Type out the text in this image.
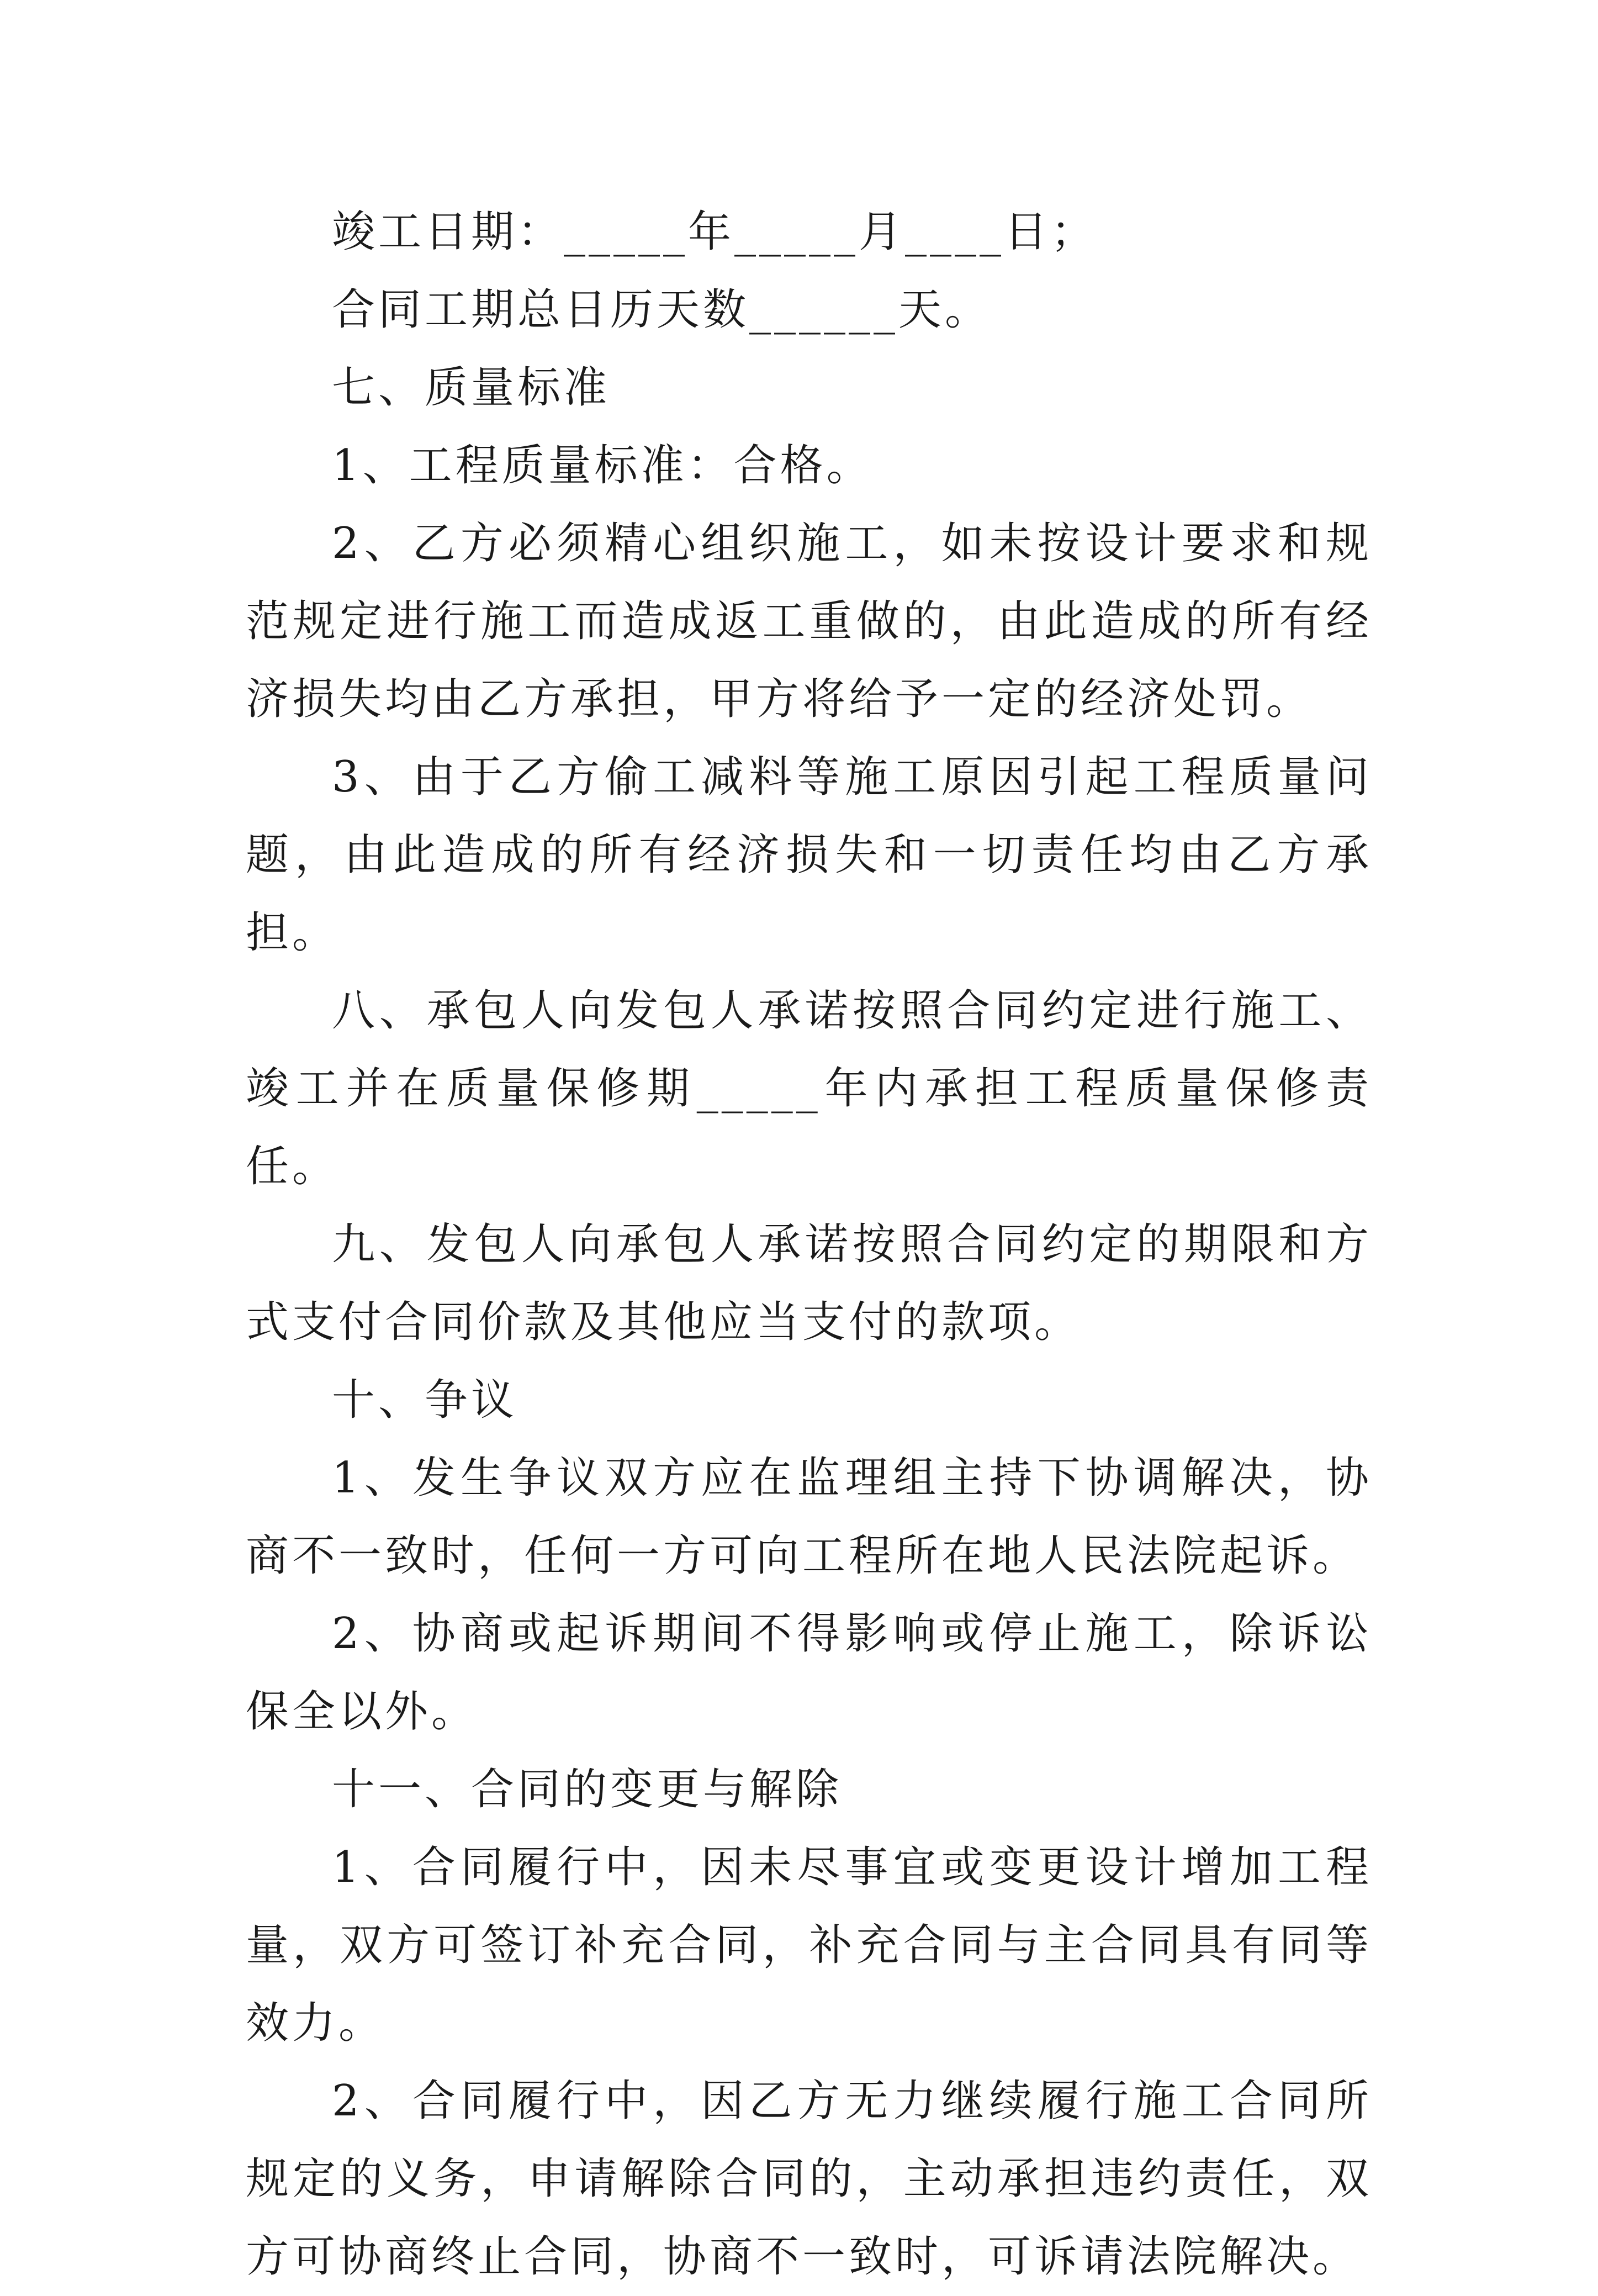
竣工日期：_____年_____月____日；

合同工期总日历天数______天。

七、质量标准

1、工程质量标准：合格。

2、乙方必须精心组织施工，如未按设计要求和规范规定进行施工而造成返工重做的，由此造成的所有经济损失均由乙方承担，甲方将给予一定的经济处罚。

3、由于乙方偷工减料等施工原因引起工程质量问题，由此造成的所有经济损失和一切责任均由乙方承担。

八、承包人向发包人承诺按照合同约定进行施工、竣工并在质量保修期_____年内承担工程质量保修责任。

九、发包人向承包人承诺按照合同约定的期限和方式支付合同价款及其他应当支付的款项。

十、争议

1、发生争议双方应在监理组主持下协调解决，协商不一致时，任何一方可向工程所在地人民法院起诉。

2、协商或起诉期间不得影响或停止施工，除诉讼保全以外。

十一、合同的变更与解除

1、合同履行中，因未尽事宜或变更设计增加工程量，双方可签订补充合同，补充合同与主合同具有同等效力。

2、合同履行中，因乙方无力继续履行施工合同所规定的义务，申请解除合同的，主动承担违约责任，双方可协商终止合同，协商不一致时，可诉请法院解决。
